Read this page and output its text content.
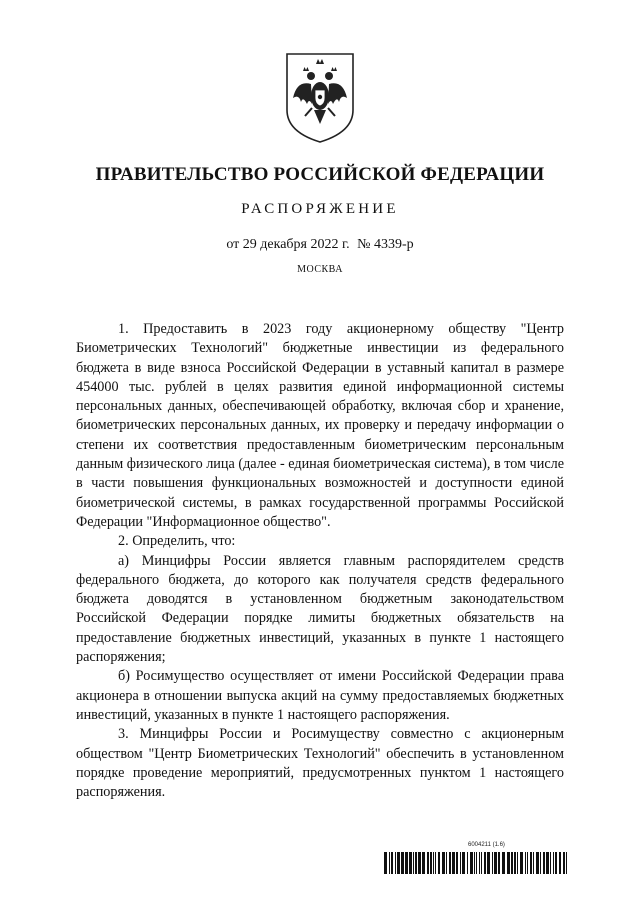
ПРАВИТЕЛЬСТВО РОССИЙСКОЙ ФЕДЕРАЦИИ
РАСПОРЯЖЕНИЕ
от 29 декабря 2022 г. № 4339-р
МОСКВА

1. Предоставить в 2023 году акционерному обществу "Центр Биометрических Технологий" бюджетные инвестиции из федерального бюджета в виде взноса Российской Федерации в уставный капитал в размере 454000 тыс. рублей в целях развития единой информационной системы персональных данных, обеспечивающей обработку, включая сбор и хранение, биометрических персональных данных, их проверку и передачу информации о степени их соответствия предоставленным биометрическим персональным данным физического лица (далее - единая биометрическая система), в том числе в части повышения функциональных возможностей и доступности единой биометрической системы, в рамках государственной программы Российской Федерации "Информационное общество".

2. Определить, что:

а) Минцифры России является главным распорядителем средств федерального бюджета, до которого как получателя средств федерального бюджета доводятся в установленном бюджетным законодательством Российской Федерации порядке лимиты бюджетных обязательств на предоставление бюджетных инвестиций, указанных в пункте 1 настоящего распоряжения;

б) Росимущество осуществляет от имени Российской Федерации права акционера в отношении выпуска акций на сумму предоставляемых бюджетных инвестиций, указанных в пункте 1 настоящего распоряжения.

3. Минцифры России и Росимуществу совместно с акционерным обществом "Центр Биометрических Технологий" обеспечить в установленном порядке проведение мероприятий, предусмотренных пунктом 1 настоящего распоряжения.

6004211 (1.6)
